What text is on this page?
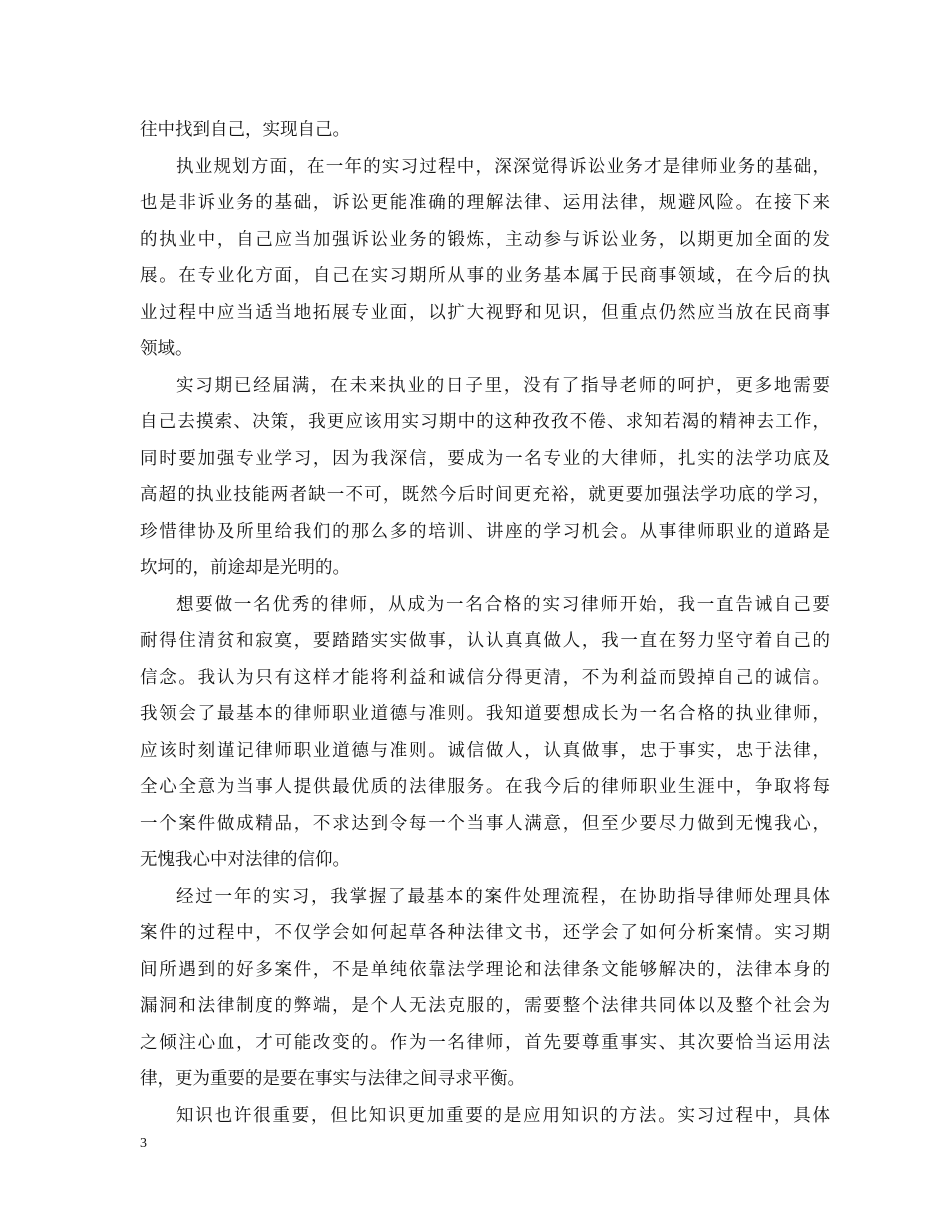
往中找到自己，实现自己。
执业规划方面，在一年的实习过程中，深深觉得诉讼业务才是律师业务的基础，
也是非诉业务的基础，诉讼更能准确的理解法律、运用法律，规避风险。在接下来
的执业中，自己应当加强诉讼业务的锻炼，主动参与诉讼业务，以期更加全面的发
展。在专业化方面，自己在实习期所从事的业务基本属于民商事领域，在今后的执
业过程中应当适当地拓展专业面，以扩大视野和见识，但重点仍然应当放在民商事
领域。
实习期已经届满，在未来执业的日子里，没有了指导老师的呵护，更多地需要
自己去摸索、决策，我更应该用实习期中的这种孜孜不倦、求知若渴的精神去工作，
同时要加强专业学习，因为我深信，要成为一名专业的大律师，扎实的法学功底及
高超的执业技能两者缺一不可，既然今后时间更充裕，就更要加强法学功底的学习，
珍惜律协及所里给我们的那么多的培训、讲座的学习机会。从事律师职业的道路是
坎坷的，前途却是光明的。
想要做一名优秀的律师，从成为一名合格的实习律师开始，我一直告诫自己要
耐得住清贫和寂寞，要踏踏实实做事，认认真真做人，我一直在努力坚守着自己的
信念。我认为只有这样才能将利益和诚信分得更清，不为利益而毁掉自己的诚信。
我领会了最基本的律师职业道德与准则。我知道要想成长为一名合格的执业律师，
应该时刻谨记律师职业道德与准则。诚信做人，认真做事，忠于事实，忠于法律，
全心全意为当事人提供最优质的法律服务。在我今后的律师职业生涯中，争取将每
一个案件做成精品，不求达到令每一个当事人满意，但至少要尽力做到无愧我心，
无愧我心中对法律的信仰。
经过一年的实习，我掌握了最基本的案件处理流程，在协助指导律师处理具体
案件的过程中，不仅学会如何起草各种法律文书，还学会了如何分析案情。实习期
间所遇到的好多案件，不是单纯依靠法学理论和法律条文能够解决的，法律本身的
漏洞和法律制度的弊端，是个人无法克服的，需要整个法律共同体以及整个社会为
之倾注心血，才可能改变的。作为一名律师，首先要尊重事实、其次要恰当运用法
律，更为重要的是要在事实与法律之间寻求平衡。
知识也许很重要，但比知识更加重要的是应用知识的方法。实习过程中，具体
3
